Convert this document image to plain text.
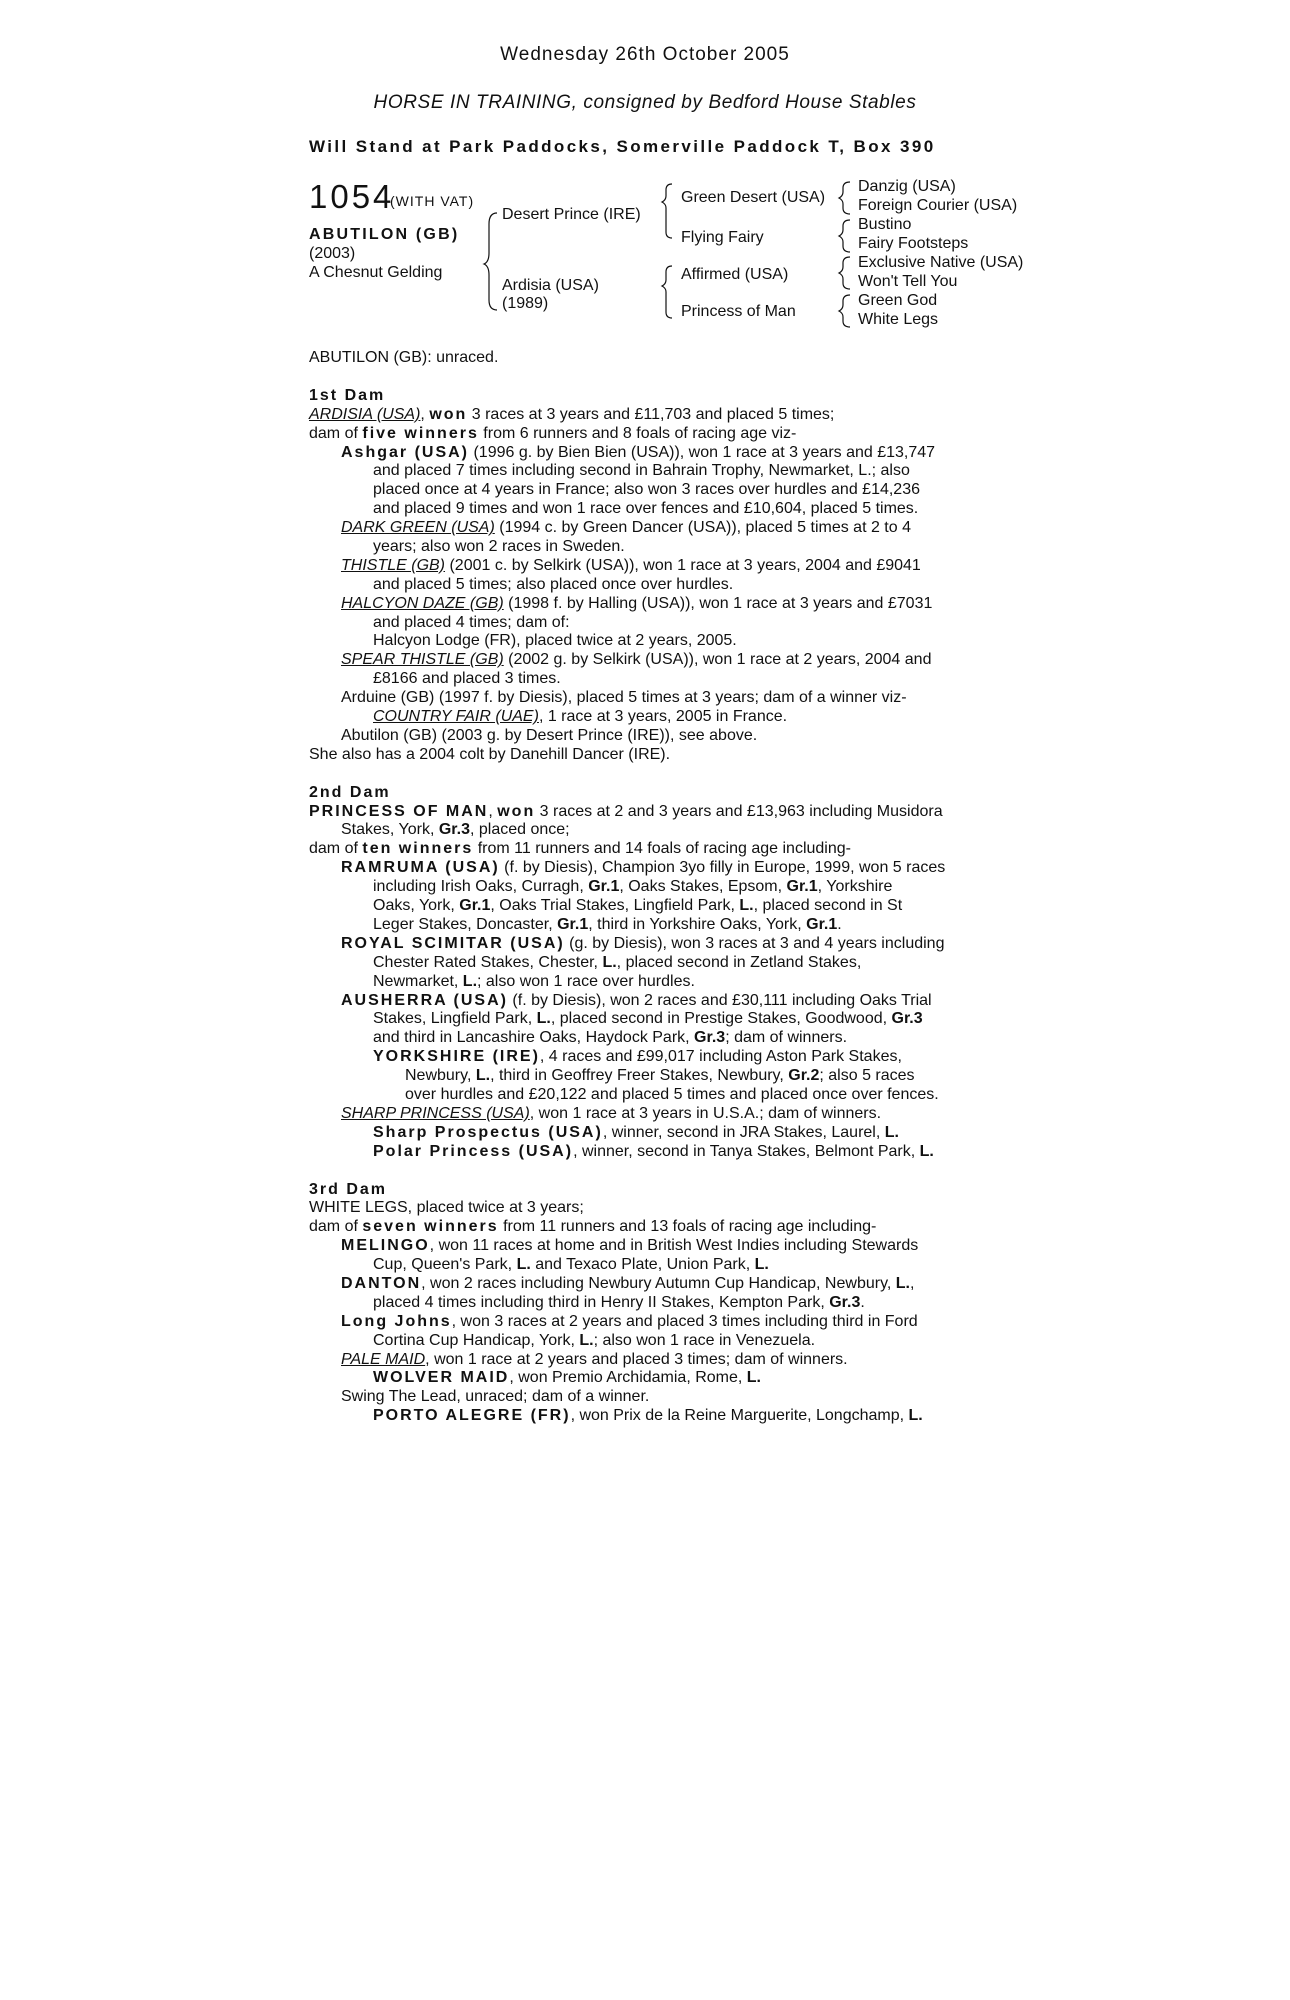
Wednesday 26th October 2005
HORSE IN TRAINING, consigned by Bedford House Stables
Will Stand at Park Paddocks, Somerville Paddock T, Box 390
1054
(WITH VAT)
ABUTILON (GB)
(2003)
A Chesnut Gelding
Desert Prince (IRE)
Ardisia (USA)
(1989)
Green Desert (USA)
Flying Fairy
Affirmed (USA)
Princess of Man
Danzig (USA)
Foreign Courier (USA)
Bustino
Fairy Footsteps
Exclusive Native (USA)
Won't Tell You
Green God
White Legs
ABUTILON (GB): unraced.
1st Dam
ARDISIA (USA), won 3 races at 3 years and £11,703 and placed 5 times;
dam of five winners from 6 runners and 8 foals of racing age viz-
Ashgar (USA) (1996 g. by Bien Bien (USA)), won 1 race at 3 years and £13,747
and placed 7 times including second in Bahrain Trophy, Newmarket, L.; also
placed once at 4 years in France; also won 3 races over hurdles and £14,236
and placed 9 times and won 1 race over fences and £10,604, placed 5 times.
DARK GREEN (USA) (1994 c. by Green Dancer (USA)), placed 5 times at 2 to 4
years; also won 2 races in Sweden.
THISTLE (GB) (2001 c. by Selkirk (USA)), won 1 race at 3 years, 2004 and £9041
and placed 5 times; also placed once over hurdles.
HALCYON DAZE (GB) (1998 f. by Halling (USA)), won 1 race at 3 years and £7031
and placed 4 times; dam of:
Halcyon Lodge (FR), placed twice at 2 years, 2005.
SPEAR THISTLE (GB) (2002 g. by Selkirk (USA)), won 1 race at 2 years, 2004 and
£8166 and placed 3 times.
Arduine (GB) (1997 f. by Diesis), placed 5 times at 3 years; dam of a winner viz-
COUNTRY FAIR (UAE), 1 race at 3 years, 2005 in France.
Abutilon (GB) (2003 g. by Desert Prince (IRE)), see above.
She also has a 2004 colt by Danehill Dancer (IRE).
2nd Dam
PRINCESS OF MAN, won 3 races at 2 and 3 years and £13,963 including Musidora
Stakes, York, Gr.3, placed once;
dam of ten winners from 11 runners and 14 foals of racing age including-
RAMRUMA (USA) (f. by Diesis), Champion 3yo filly in Europe, 1999, won 5 races
including Irish Oaks, Curragh, Gr.1, Oaks Stakes, Epsom, Gr.1, Yorkshire
Oaks, York, Gr.1, Oaks Trial Stakes, Lingfield Park, L., placed second in St
Leger Stakes, Doncaster, Gr.1, third in Yorkshire Oaks, York, Gr.1.
ROYAL SCIMITAR (USA) (g. by Diesis), won 3 races at 3 and 4 years including
Chester Rated Stakes, Chester, L., placed second in Zetland Stakes,
Newmarket, L.; also won 1 race over hurdles.
AUSHERRA (USA) (f. by Diesis), won 2 races and £30,111 including Oaks Trial
Stakes, Lingfield Park, L., placed second in Prestige Stakes, Goodwood, Gr.3
and third in Lancashire Oaks, Haydock Park, Gr.3; dam of winners.
YORKSHIRE (IRE), 4 races and £99,017 including Aston Park Stakes,
Newbury, L., third in Geoffrey Freer Stakes, Newbury, Gr.2; also 5 races
over hurdles and £20,122 and placed 5 times and placed once over fences.
SHARP PRINCESS (USA), won 1 race at 3 years in U.S.A.; dam of winners.
Sharp Prospectus (USA), winner, second in JRA Stakes, Laurel, L.
Polar Princess (USA), winner, second in Tanya Stakes, Belmont Park, L.
3rd Dam
WHITE LEGS, placed twice at 3 years;
dam of seven winners from 11 runners and 13 foals of racing age including-
MELINGO, won 11 races at home and in British West Indies including Stewards
Cup, Queen's Park, L. and Texaco Plate, Union Park, L.
DANTON, won 2 races including Newbury Autumn Cup Handicap, Newbury, L.,
placed 4 times including third in Henry II Stakes, Kempton Park, Gr.3.
Long Johns, won 3 races at 2 years and placed 3 times including third in Ford
Cortina Cup Handicap, York, L.; also won 1 race in Venezuela.
PALE MAID, won 1 race at 2 years and placed 3 times; dam of winners.
WOLVER MAID, won Premio Archidamia, Rome, L.
Swing The Lead, unraced; dam of a winner.
PORTO ALEGRE (FR), won Prix de la Reine Marguerite, Longchamp, L.
